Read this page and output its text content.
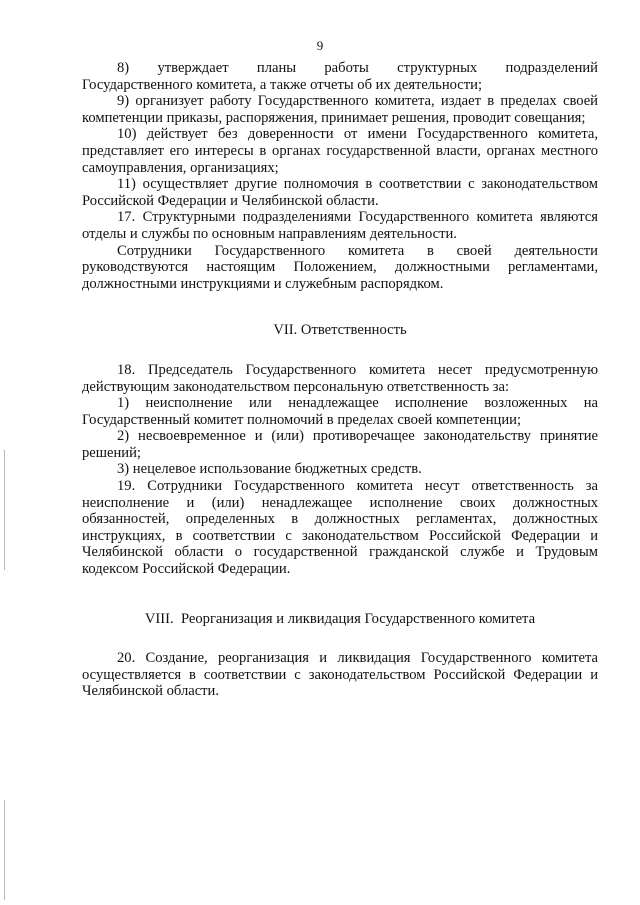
9

8)     утверждает     планы     работы     структурных     подразделений Государственного комитета, а также отчеты об их деятельности;

9) организует работу Государственного комитета, издает в пределах своей компетенции приказы, распоряжения, принимает решения, проводит совещания;

10) действует без доверенности от имени Государственного комитета, представляет его интересы в органах государственной власти, органах местного самоуправления, организациях;

11) осуществляет другие полномочия в соответствии с законодательством Российской Федерации и Челябинской области.

17. Структурными подразделениями Государственного комитета являются отделы и службы по основным направлениям деятельности.

Сотрудники Государственного комитета в своей деятельности руководствуются настоящим Положением, должностными регламентами, должностными инструкциями и служебным распорядком.

VII. Ответственность

18. Председатель Государственного комитета несет предусмотренную действующим законодательством персональную ответственность за:

1) неисполнение или ненадлежащее исполнение возложенных на Государственный комитет полномочий в пределах своей компетенции;

2) несвоевременное и (или) противоречащее законодательству принятие решений;

3) нецелевое использование бюджетных средств.

19. Сотрудники Государственного комитета несут ответственность за неисполнение и (или) ненадлежащее исполнение своих должностных обязанностей, определенных в должностных регламентах, должностных инструкциях, в соответствии с законодательством Российской Федерации и Челябинской области о государственной гражданской службе и Трудовым кодексом Российской Федерации.

VIII.  Реорганизация и ликвидация Государственного комитета

20. Создание, реорганизация и ликвидация Государственного комитета осуществляется в соответствии с законодательством Российской Федерации и Челябинской области.
